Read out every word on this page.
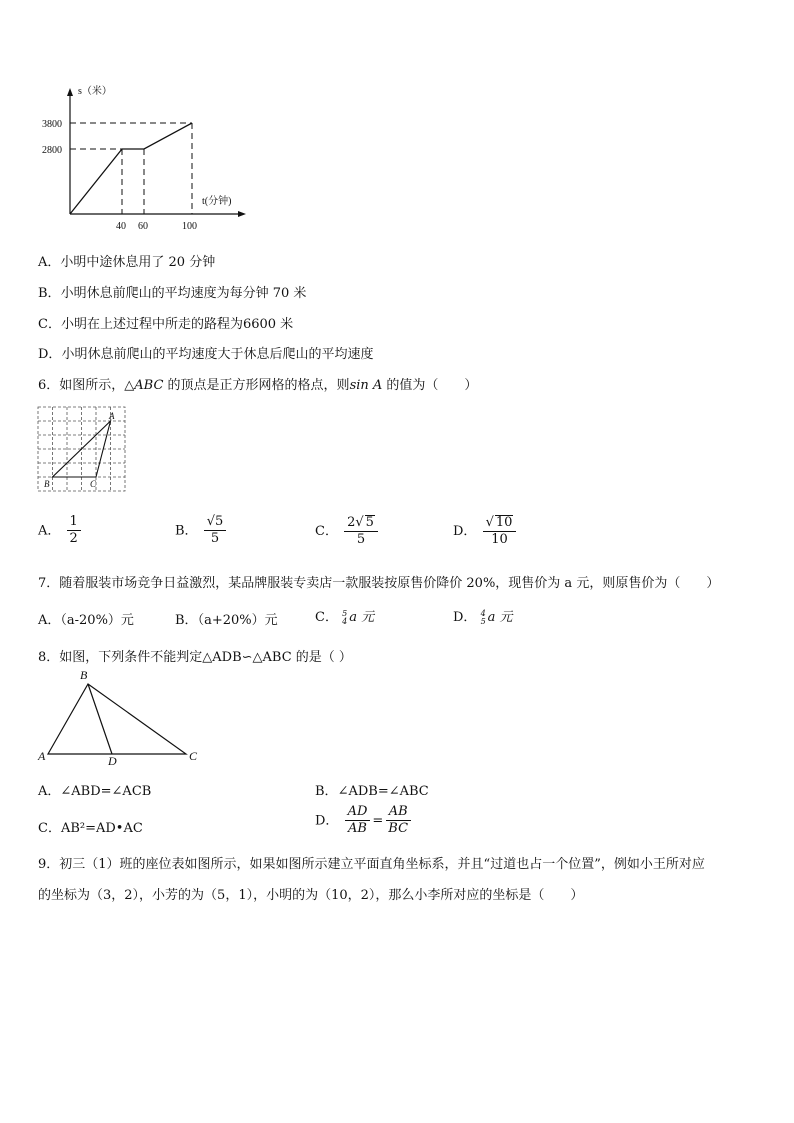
s（米）
t(分钟)
3800
2800
40 60	100
A．小明中途休息用了 20 分钟
B．小明休息前爬山的平均速度为每分钟 70 米
C．小明在上述过程中所走的路程为6600 米
D．小明休息前爬山的平均速度大于休息后爬山的平均速度
6．如图所示，△ABC 的顶点是正方形网格的格点，则sin A 的值为（　　）
A
B	C
A． $\frac{1}{2}$	B． $\frac{√5}{5}$	C． $\frac{2√ 5}{5}$	D． $\frac{√ 10}{10}$
7．随着服装市场竞争日益激烈，某品牌服装专卖店一款服装按原售价降价 20%，现售价为 a 元，则原售价为（　　）
A．（a-20%）元	B．（a+20%）元	C． 5
4 a 元	D． 4
5 a 元
8．如图，下列条件不能判定△ADB∽△ABC 的是（ ）
B
A	D	C
A．∠ABD=∠ACB	B．∠ADB=∠ABC
C．AB²=AD•AC
D． $\frac{AD}{AB} = \frac{AB}{BC}$
9．初三（1）班的座位表如图所示，如果如图所示建立平面直角坐标系，并且“过道也占一个位置”，例如小王所对应
的坐标为（3，2），小芳的为（5，1），小明的为（10，2），那么小李所对应的坐标是（　　）
